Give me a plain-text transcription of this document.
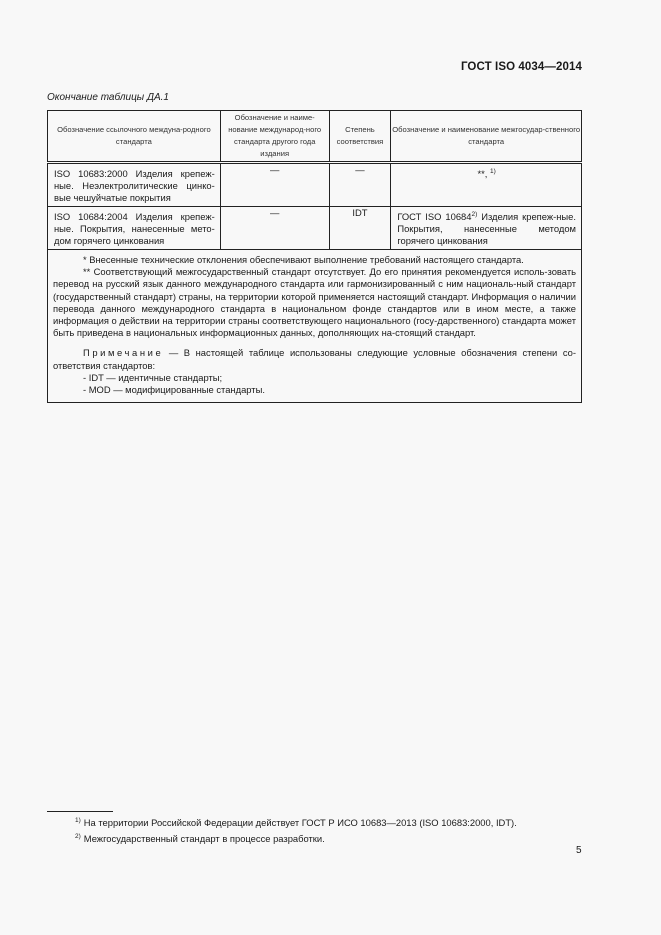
ГОСТ ISO 4034—2014
Окончание таблицы ДА.1
Обозначение ссылочного междуна-родного стандарта	Обозначение и наиме-нование международ-ного стандарта другого года издания	Степень соответствия	Обозначение и наименование межгосудар-ственного стандарта

ISO 10683:2000 Изделия крепеж-ные. Неэлектролитические цинко-вые чешуйчатые покрытия	—	—	**, $^{1)}$

ISO 10684:2004 Изделия крепеж-ные. Покрытия, нанесенные мето-дом горячего цинкования	—	IDT	ГОСТ ISO 10684$^{2)}$ Изделия крепеж-ные. Покрытия, нанесенные методом горячего цинкования

* Внесенные технические отклонения обеспечивают выполнение требований настоящего стандарта.

** Соответствующий межгосударственный стандарт отсутствует. До его принятия рекомендуется исполь-зовать перевод на русский язык данного международного стандарта или гармонизированный с ним националь-ный стандарт (государственный стандарт) страны, на территории которой применяется настоящий стандарт. Информация о наличии перевода данного международного стандарта в национальном фонде стандартов или в ином месте, а также информация о действии на территории страны соответствующего национального (госу-дарственного) стандарта может быть приведена в национальных информационных данных, дополняющих на-стоящий стандарт.

Примечание — В настоящей таблице использованы следующие условные обозначения степени со-ответствия стандартов:

- IDT — идентичные стандарты;

- MOD — модифицированные стандарты.			

$^{1)}$ На территории Российской Федерации действует ГОСТ Р ИСО 10683—2013 (ISO 10683:2000, IDT).

$^{2)}$ Межгосударственный стандарт в процессе разработки.

5
